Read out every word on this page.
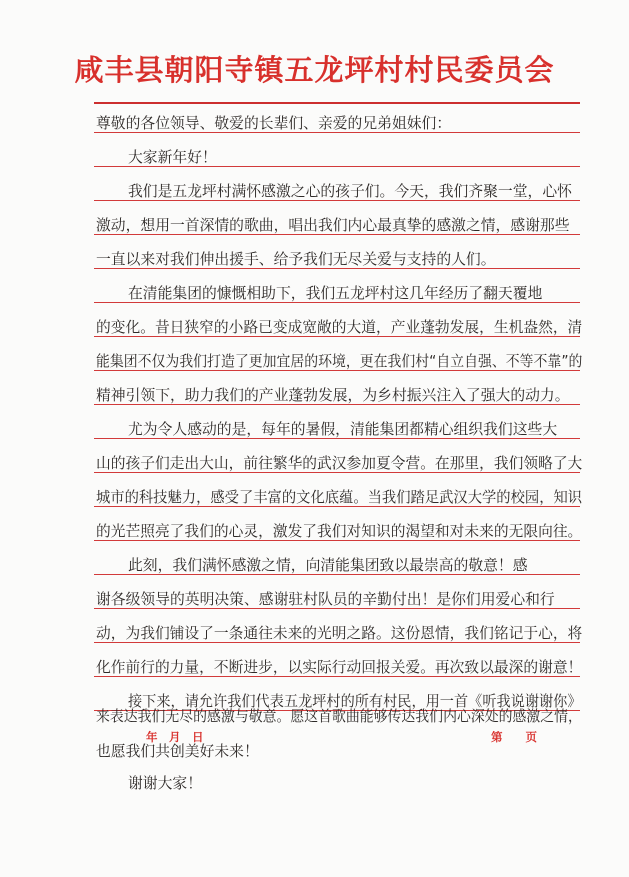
咸丰县朝阳寺镇五龙坪村村民委员会
尊敬的各位领导、敬爱的长辈们、亲爱的兄弟姐妹们：
大家新年好！
我们是五龙坪村满怀感激之心的孩子们。今天，我们齐聚一堂，心怀
激动，想用一首深情的歌曲，唱出我们内心最真挚的感激之情，感谢那些
一直以来对我们伸出援手、给予我们无尽关爱与支持的人们。
在清能集团的慷慨相助下，我们五龙坪村这几年经历了翻天覆地
的变化。昔日狭窄的小路已变成宽敞的大道，产业蓬勃发展，生机盎然，清
能集团不仅为我们打造了更加宜居的环境，更在我们村“自立自强、不等不靠”的
精神引领下，助力我们的产业蓬勃发展，为乡村振兴注入了强大的动力。
尤为令人感动的是，每年的暑假，清能集团都精心组织我们这些大
山的孩子们走出大山，前往繁华的武汉参加夏令营。在那里，我们领略了大
城市的科技魅力，感受了丰富的文化底蕴。当我们踏足武汉大学的校园，知识
的光芒照亮了我们的心灵，激发了我们对知识的渴望和对未来的无限向往。
此刻，我们满怀感激之情，向清能集团致以最崇高的敬意！感
谢各级领导的英明决策、感谢驻村队员的辛勤付出！是你们用爱心和行
动，为我们铺设了一条通往未来的光明之路。这份恩情，我们铭记于心，将
化作前行的力量，不断进步，以实际行动回报关爱。再次致以最深的谢意！
接下来，请允许我们代表五龙坪村的所有村民，用一首《听我说谢谢你》
来表达我们无尽的感激与敬意。愿这首歌曲能够传达我们内心深处的感激之情，
也愿我们共创美好未来！
谢谢大家！
年　月　日	第　　页
